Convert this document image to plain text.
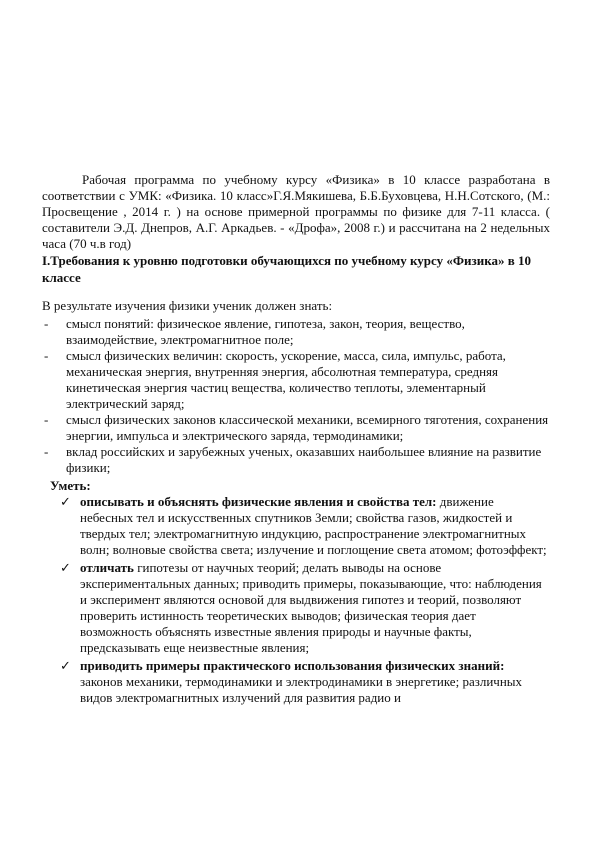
Рабочая программа по учебному курсу «Физика» в 10 классе разработана в соответствии с УМК: «Физика. 10 класс»Г.Я.Мякишева, Б.Б.Буховцева, Н.Н.Сотского, (М.: Просвещение , 2014 г. ) на основе примерной программы по физике для 7-11 класса. ( составители Э.Д. Днепров, А.Г. Аркадьев. - «Дрофа», 2008 г.) и рассчитана на 2 недельных часа (70 ч.в год)

I.Требования к уровню подготовки обучающихся по учебному курсу «Физика» в 10 классе

В результате изучения физики ученик должен знать:

- смысл понятий: физическое явление, гипотеза, закон, теория, вещество, взаимодействие, электромагнитное поле;
- смысл физических величин: скорость, ускорение, масса, сила, импульс, работа, механическая энергия, внутренняя энергия, абсолютная температура, средняя кинетическая энергия частиц вещества, количество теплоты, элементарный электрический заряд;
- смысл физических законов классической механики, всемирного тяготения, сохранения энергии, импульса и электрического заряда, термодинамики;
- вклад российских и зарубежных ученых, оказавших наибольшее влияние на развитие физики;

Уметь:

✓ описывать и объяснять физические явления и свойства тел: движение небесных тел и искусственных спутников Земли; свойства газов, жидкостей и твердых тел; электромагнитную индукцию, распространение электромагнитных волн; волновые свойства света; излучение и поглощение света атомом; фотоэффект;
✓ отличать гипотезы от научных теорий; делать выводы на основе экспериментальных данных; приводить примеры, показывающие, что: наблюдения и эксперимент являются основой для выдвижения гипотез и теорий, позволяют проверить истинность теоретических выводов; физическая теория дает возможность объяснять известные явления природы и научные факты, предсказывать еще неизвестные явления;
✓ приводить примеры практического использования физических знаний: законов механики, термодинамики и электродинамики в энергетике; различных видов электромагнитных излучений для развития радио и
